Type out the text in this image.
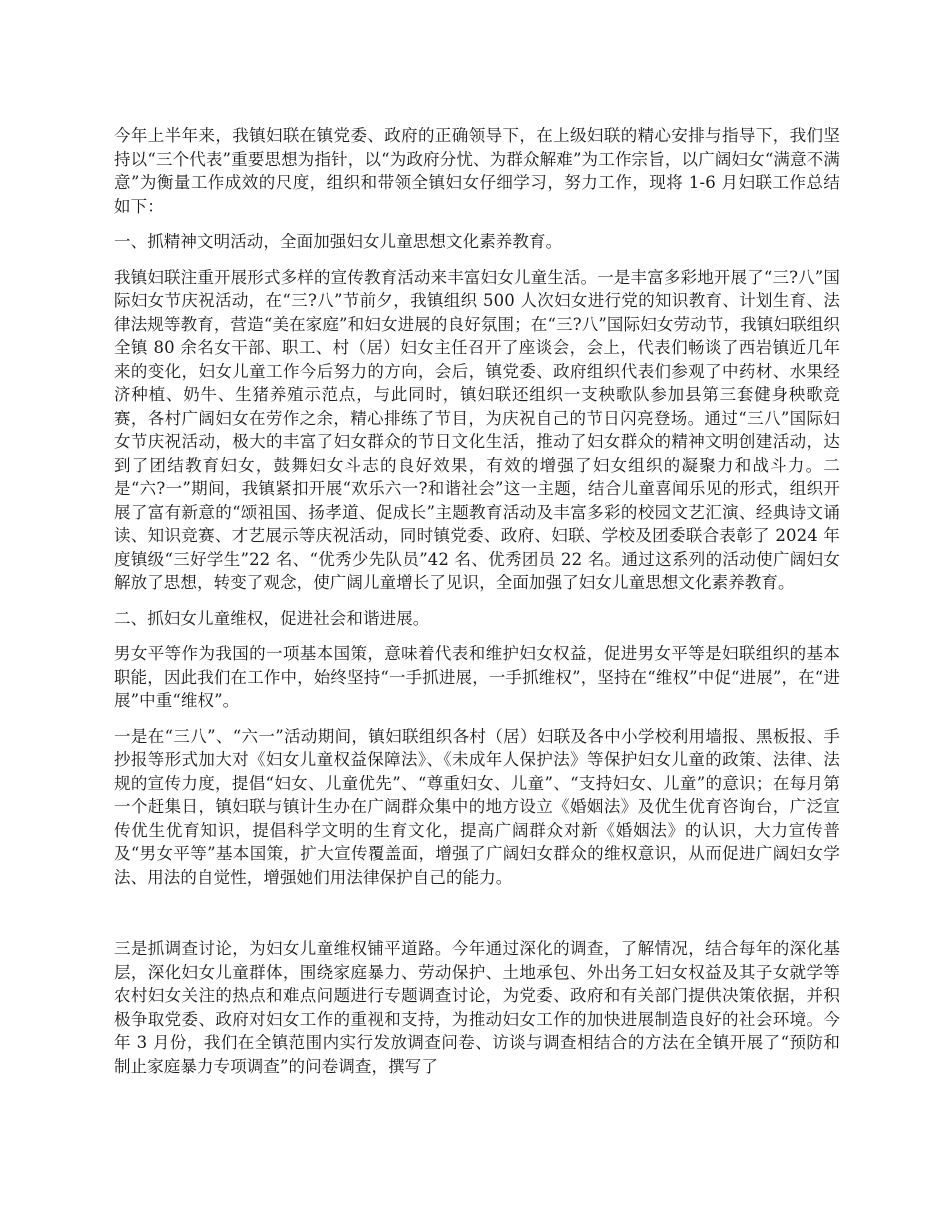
今年上半年来，我镇妇联在镇党委、政府的正确领导下，在上级妇联的精心安排与指导下，我们坚持以“三个代表”重要思想为指针，以“为政府分忧、为群众解难”为工作宗旨，以广阔妇女“满意不满意”为衡量工作成效的尺度，组织和带领全镇妇女仔细学习，努力工作，现将 1-6 月妇联工作总结如下：

一、抓精神文明活动，全面加强妇女儿童思想文化素养教育。

我镇妇联注重开展形式多样的宣传教育活动来丰富妇女儿童生活。一是丰富多彩地开展了“三?八”国际妇女节庆祝活动，在“三?八”节前夕，我镇组织 500 人次妇女进行党的知识教育、计划生育、法律法规等教育，营造“美在家庭”和妇女进展的良好氛围；在“三?八”国际妇女劳动节，我镇妇联组织全镇 80 余名女干部、职工、村（居）妇女主任召开了座谈会，会上，代表们畅谈了西岩镇近几年来的变化，妇女儿童工作今后努力的方向，会后，镇党委、政府组织代表们参观了中药材、水果经济种植、奶牛、生猪养殖示范点，与此同时，镇妇联还组织一支秧歌队参加县第三套健身秧歌竞赛，各村广阔妇女在劳作之余，精心排练了节目，为庆祝自己的节日闪亮登场。通过“三八”国际妇女节庆祝活动，极大的丰富了妇女群众的节日文化生活，推动了妇女群众的精神文明创建活动，达到了团结教育妇女，鼓舞妇女斗志的良好效果，有效的增强了妇女组织的凝聚力和战斗力。二是“六?一”期间，我镇紧扣开展“欢乐六一?和谐社会”这一主题，结合儿童喜闻乐见的形式，组织开展了富有新意的“颂祖国、扬孝道、促成长”主题教育活动及丰富多彩的校园文艺汇演、经典诗文诵读、知识竞赛、才艺展示等庆祝活动，同时镇党委、政府、妇联、学校及团委联合表彰了 2024 年度镇级“三好学生”22 名、“优秀少先队员”42 名、优秀团员 22 名。通过这系列的活动使广阔妇女解放了思想，转变了观念，使广阔儿童增长了见识，全面加强了妇女儿童思想文化素养教育。

二、抓妇女儿童维权，促进社会和谐进展。

男女平等作为我国的一项基本国策，意味着代表和维护妇女权益，促进男女平等是妇联组织的基本职能，因此我们在工作中，始终坚持“一手抓进展，一手抓维权”，坚持在“维权”中促“进展”，在“进展”中重“维权”。

一是在“三八”、“六一”活动期间，镇妇联组织各村（居）妇联及各中小学校利用墙报、黑板报、手抄报等形式加大对《妇女儿童权益保障法》、《未成年人保护法》等保护妇女儿童的政策、法律、法规的宣传力度，提倡“妇女、儿童优先”、“尊重妇女、儿童”、“支持妇女、儿童”的意识；在每月第一个赶集日，镇妇联与镇计生办在广阔群众集中的地方设立《婚姻法》及优生优育咨询台，广泛宣传优生优育知识，提倡科学文明的生育文化，提高广阔群众对新《婚姻法》的认识，大力宣传普及“男女平等”基本国策，扩大宣传覆盖面，增强了广阔妇女群众的维权意识，从而促进广阔妇女学法、用法的自觉性，增强她们用法律保护自己的能力。

三是抓调查讨论，为妇女儿童维权铺平道路。今年通过深化的调查，了解情况，结合每年的深化基层，深化妇女儿童群体，围绕家庭暴力、劳动保护、土地承包、外出务工妇女权益及其子女就学等农村妇女关注的热点和难点问题进行专题调查讨论，为党委、政府和有关部门提供决策依据，并积极争取党委、政府对妇女工作的重视和支持，为推动妇女工作的加快进展制造良好的社会环境。今年 3 月份，我们在全镇范围内实行发放调查问卷、访谈与调查相结合的方法在全镇开展了“预防和制止家庭暴力专项调查”的问卷调查，撰写了
